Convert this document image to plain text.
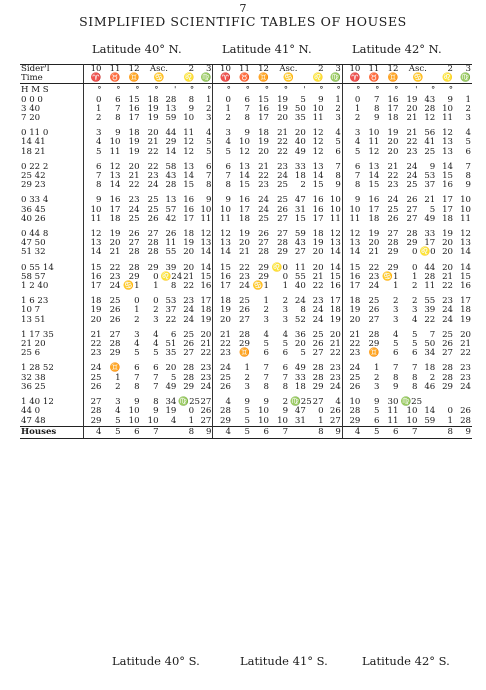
7
SIMPLIFIED SCIENTIFIC TABLES OF HOUSES
Latitude 40° N.	Latitude 41° N.	Latitude 42° N.
Sider'l	10	11	12	Asc.		2	3	10	11	12	Asc.		2	3	10	11	12	Asc.		2	3
Time	♈	♉	♊	♋		♌	♍	♈	♉	♊	♋		♌	♍	♈	♉	♊	♋		♌	♍
H M S	°	°	°	°	'	°	°	°	°	°	°	'	°	°	°	°	°	'	°	°	
0 0 0	0	6	15	18	28	8	1	0	6	15	19	5	9	1	0	7	16	19	43	9	1
3 40	1	7	16	19	13	9	2	1	7	16	19	50	10	2	1	8	17	20	28	10	2
7 20	2	8	17	19	59	10	3	2	8	17	20	35	11	3	2	9	18	21	12	11	3

0 11 0	3	9	18	20	44	11	4	3	9	18	21	20	12	4	3	10	19	21	56	12	4
14 41	4	10	19	21	29	12	5	4	10	19	22	40	12	5	4	11	20	22	41	13	5
18 21	5	11	19	22	14	12	5	5	12	20	22	49	12	6	5	12	20	23	25	13	6

0 22 2	6	12	20	22	58	13	6	6	13	21	23	33	13	7	6	13	21	24	9	14	7
25 42	7	13	21	23	43	14	7	7	14	22	24	18	14	8	7	14	22	24	53	15	8
29 23	8	14	22	24	28	15	8	8	15	23	25	2	15	9	8	15	23	25	37	16	9

0 33 4	9	16	23	25	13	16	9	9	16	24	25	47	16	10	9	16	24	26	21	17	10
36 45	10	17	24	25	57	16	10	10	17	24	26	31	16	10	10	17	25	27	5	17	10
40 26	11	18	25	26	42	17	11	11	18	25	27	15	17	11	11	18	26	27	49	18	11

0 44 8	12	19	26	27	26	18	12	12	19	26	27	59	18	12	12	19	27	28	33	19	12
47 50	13	20	27	28	11	19	13	13	20	27	28	43	19	13	13	20	28	29	17	20	13
51 32	14	21	28	28	55	20	14	14	21	28	29	27	20	14	14	21	29	0	♌0	20	14

0 55 14	15	22	28	29	39	20	14	15	22	29	♌0	11	20	14	15	22	29	0	44	20	14
58 57	16	23	29	0	♌24	21	15	16	23	29	0	55	21	15	16	23	♋1	1	28	21	15
1 2 40	17	24	♋1	1	8	22	16	17	24	♋1	1	40	22	16	17	24	1	2	11	22	16

1 6 23	18	25	0	0	53	23	17	18	25	1	2	24	23	17	18	25	2	2	55	23	17
10 7	19	26	1	2	37	24	18	19	26	2	3	8	24	18	19	26	3	3	39	24	18
13 51	20	26	2	3	22	24	19	20	27	3	3	52	24	19	20	27	3	4	22	24	19

1 17 35	21	27	3	4	6	25	20	21	28	4	4	36	25	20	21	28	4	5	7	25	20
21 20	22	28	4	4	51	26	21	22	29	5	5	20	26	21	22	29	5	5	50	26	21
25 6	23	29	5	5	35	27	22	23	♊	6	6	5	27	22	23	♊	6	6	34	27	22

1 28 52	24	♊	6	6	20	28	23	24	1	7	6	49	28	23	24	1	7	7	18	28	23
32 38	25	1	7	7	5	28	23	25	2	7	7	33	28	23	25	2	8	8	2	28	23
36 25	26	2	8	7	49	29	24	26	3	8	8	18	29	24	26	3	9	8	46	29	24

1 40 12	27	3	9	8	34	♍25	27	4	9	9	2	♍25	27	4	10	9	30	♍25			
44 0	28	4	10	9	19	0	26	28	5	10	9	47	0	26	28	5	11	10	14	0	26
47 48	29	5	10	10	4	1	27	29	5	10	10	31	1	27	29	6	11	10	59	1	28
Houses	4	5	6	7		8	9	4	5	6	7		8	9	4	5	6	7		8	9
Latitude 40° S.	Latitude 41° S.	Latitude 42° S.
